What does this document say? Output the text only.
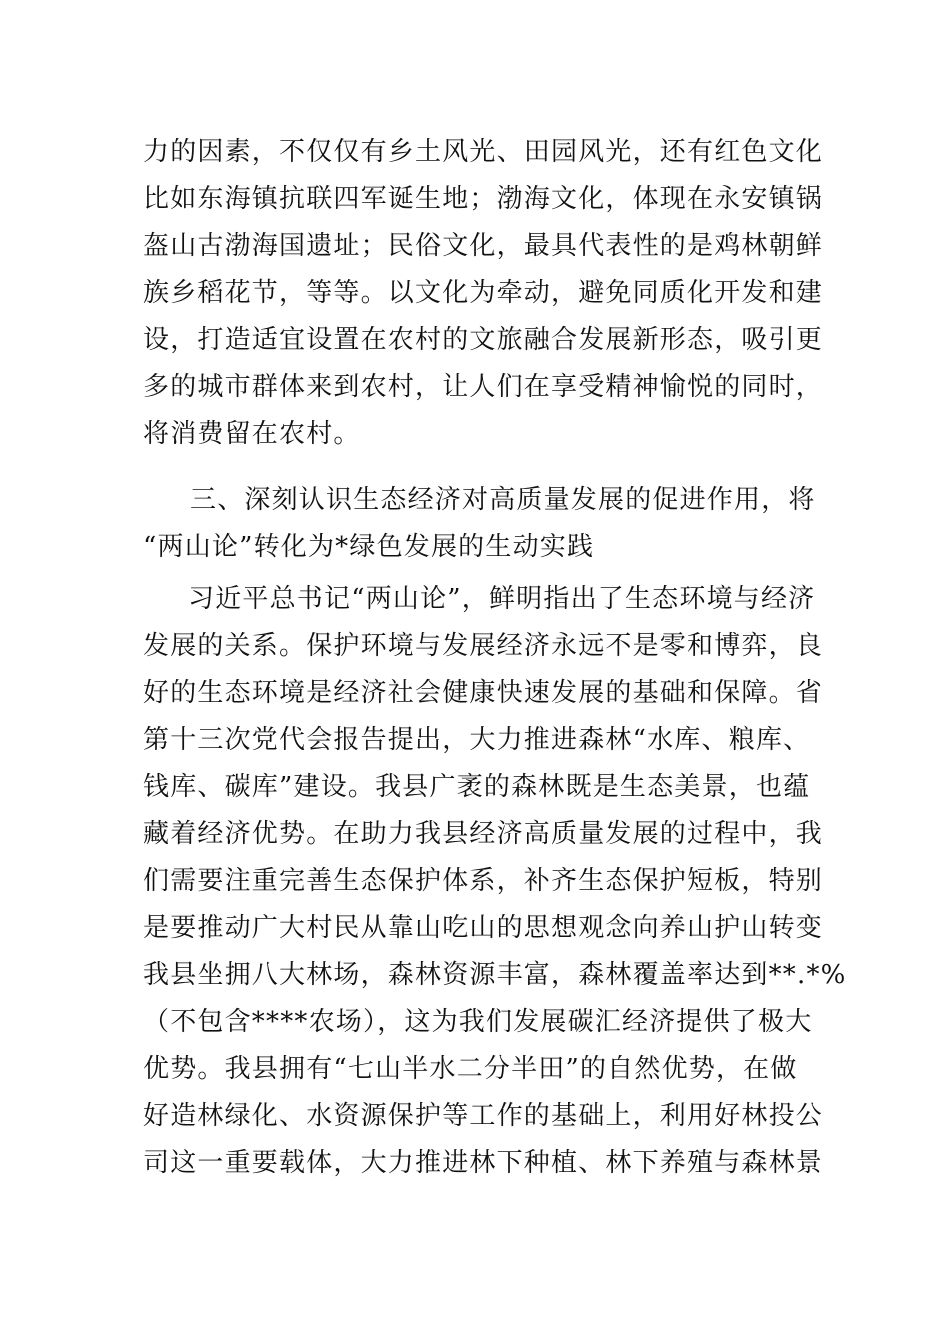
力的因素，不仅仅有乡土风光、田园风光，还有红色文化
比如东海镇抗联四军诞生地；渤海文化，体现在永安镇锅
盔山古渤海国遗址；民俗文化，最具代表性的是鸡林朝鲜
族乡稻花节，等等。以文化为牵动，避免同质化开发和建
设，打造适宜设置在农村的文旅融合发展新形态，吸引更
多的城市群体来到农村，让人们在享受精神愉悦的同时，
将消费留在农村。
三、深刻认识生态经济对高质量发展的促进作用，将
“两山论”转化为*绿色发展的生动实践
习近平总书记“两山论”，鲜明指出了生态环境与经济
发展的关系。保护环境与发展经济永远不是零和博弈，良
好的生态环境是经济社会健康快速发展的基础和保障。省
第十三次党代会报告提出，大力推进森林“水库、粮库、
钱库、碳库”建设。我县广袤的森林既是生态美景，也蕴
藏着经济优势。在助力我县经济高质量发展的过程中，我
们需要注重完善生态保护体系，补齐生态保护短板，特别
是要推动广大村民从靠山吃山的思想观念向养山护山转变
我县坐拥八大林场，森林资源丰富，森林覆盖率达到**.*%
（不包含****农场），这为我们发展碳汇经济提供了极大
优势。我县拥有“七山半水二分半田”的自然优势，在做
好造林绿化、水资源保护等工作的基础上，利用好林投公
司这一重要载体，大力推进林下种植、林下养殖与森林景
